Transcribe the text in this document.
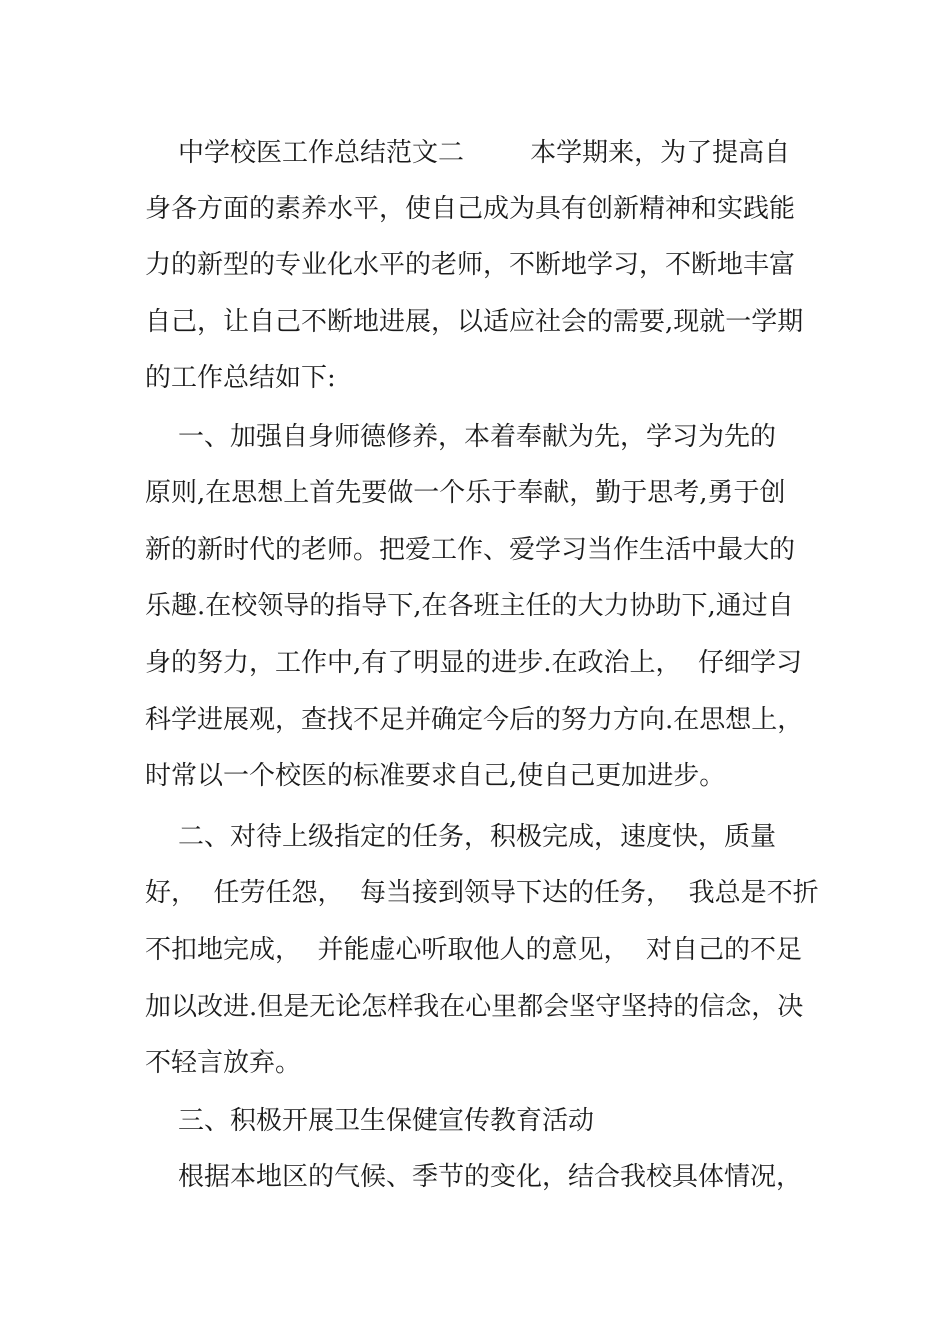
中学校医工作总结范文二        本学期来，为了提高自

身各方面的素养水平，使自己成为具有创新精神和实践能

力的新型的专业化水平的老师，不断地学习，不断地丰富

自己，让自己不断地进展，以适应社会的需要,现就一学期

的工作总结如下:

一、加强自身师德修养，本着奉献为先，学习为先的

原则,在思想上首先要做一个乐于奉献，勤于思考,勇于创

新的新时代的老师。把爱工作、爱学习当作生活中最大的

乐趣.在校领导的指导下,在各班主任的大力协助下,通过自

身的努力，工作中,有了明显的进步.在政治上，  仔细学习

科学进展观，查找不足并确定今后的努力方向.在思想上，

时常以一个校医的标准要求自己,使自己更加进步。

二、对待上级指定的任务，积极完成，速度快，质量

好，  任劳任怨，  每当接到领导下达的任务，  我总是不折

不扣地完成，  并能虚心听取他人的意见，  对自己的不足

加以改进.但是无论怎样我在心里都会坚守坚持的信念，决

不轻言放弃。

三、积极开展卫生保健宣传教育活动

根据本地区的气候、季节的变化，结合我校具体情况，
